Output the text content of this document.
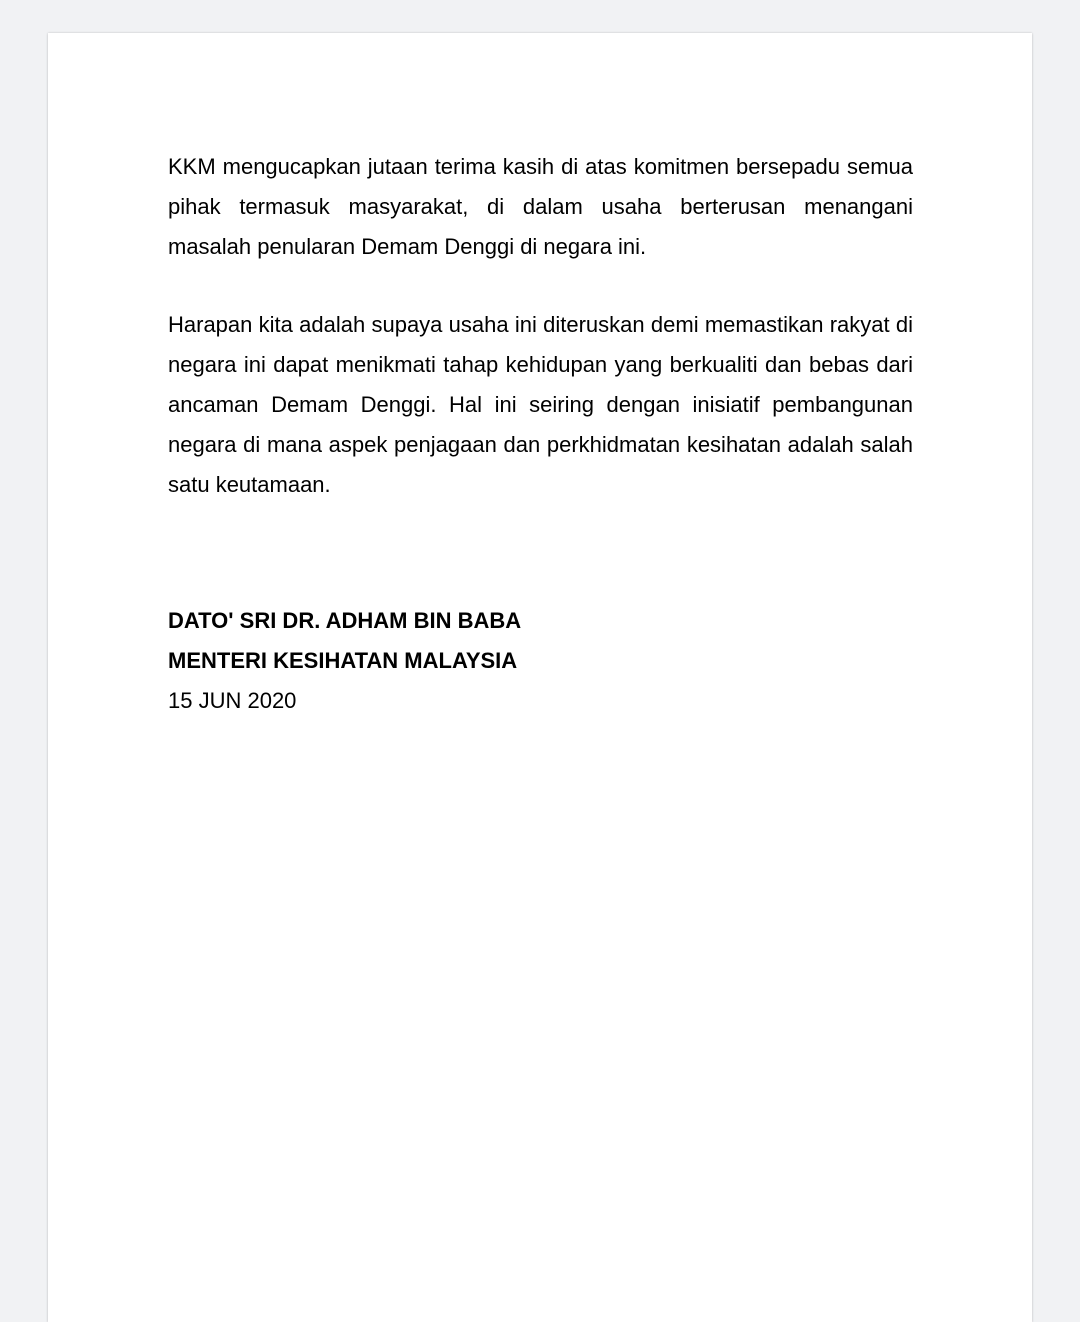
KKM mengucapkan jutaan terima kasih di atas komitmen bersepadu semua pihak termasuk masyarakat, di dalam usaha berterusan menangani masalah penularan Demam Denggi di negara ini.

Harapan kita adalah supaya usaha ini diteruskan demi memastikan rakyat di negara ini dapat menikmati tahap kehidupan yang berkualiti dan bebas dari ancaman Demam Denggi. Hal ini seiring dengan inisiatif pembangunan negara di mana aspek penjagaan dan perkhidmatan kesihatan adalah salah satu keutamaan.

DATO' SRI DR. ADHAM BIN BABA

MENTERI KESIHATAN MALAYSIA

15 JUN 2020
